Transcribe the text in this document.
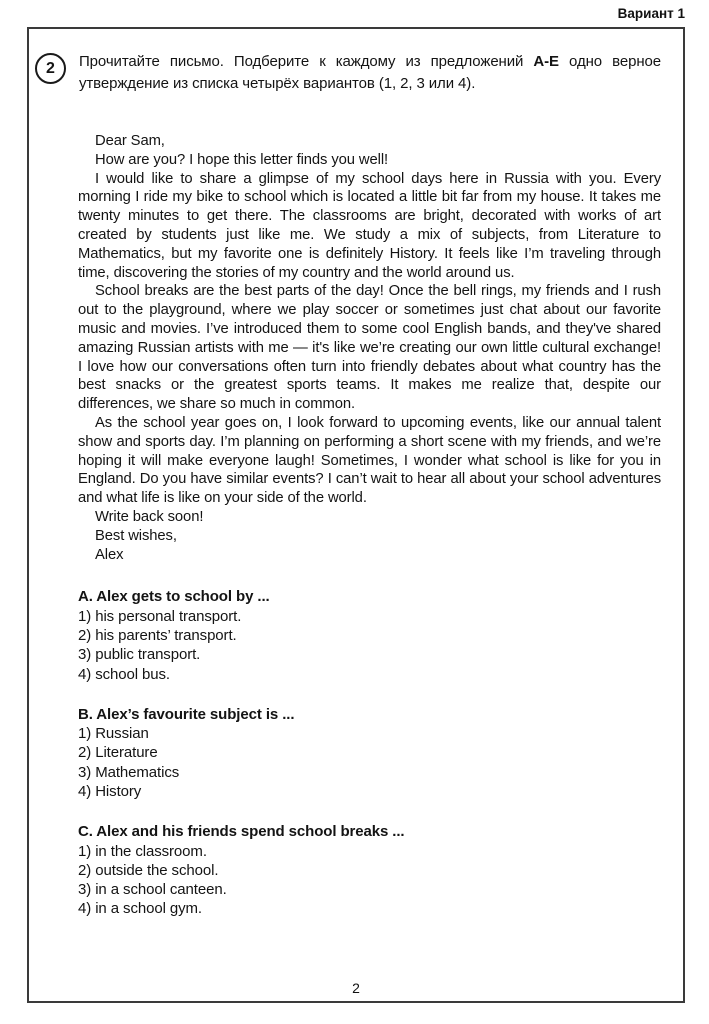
Вариант 1
2	Прочитайте письмо. Подберите к каждому из предложений А-Е одно верное утверждение из списка четырёх вариантов (1, 2, 3 или 4).

Dear Sam,

How are you? I hope this letter finds you well!

I would like to share a glimpse of my school days here in Russia with you. Every morning I ride my bike to school which is located a little bit far from my house. It takes me twenty minutes to get there. The classrooms are bright, decorated with works of art created by students just like me. We study a mix of subjects, from Literature to Mathematics, but my favorite one is definitely History. It feels like I’m traveling through time, discovering the stories of my country and the world around us.

School breaks are the best parts of the day! Once the bell rings, my friends and I rush out to the playground, where we play soccer or sometimes just chat about our favorite music and movies. I’ve introduced them to some cool English bands, and they've shared amazing Russian artists with me — it's like we’re creating our own little cultural exchange! I love how our conversations often turn into friendly debates about what country has the best snacks or the greatest sports teams. It makes me realize that, despite our differences, we share so much in common.

As the school year goes on, I look forward to upcoming events, like our annual talent show and sports day. I’m planning on performing a short scene with my friends, and we’re hoping it will make everyone laugh! Sometimes, I wonder what school is like for you in England. Do you have similar events? I can’t wait to hear all about your school adventures and what life is like on your side of the world.

Write back soon!

Best wishes,

Alex

A. Alex gets to school by ...
1) his personal transport.
2) his parents’ transport.
3) public transport.
4) school bus.
B. Alex’s favourite subject is ...
1) Russian
2) Literature
3) Mathematics
4) History
C. Alex and his friends spend school breaks ...
1) in the classroom.
2) outside the school.
3) in a school canteen.
4) in a school gym.
2
